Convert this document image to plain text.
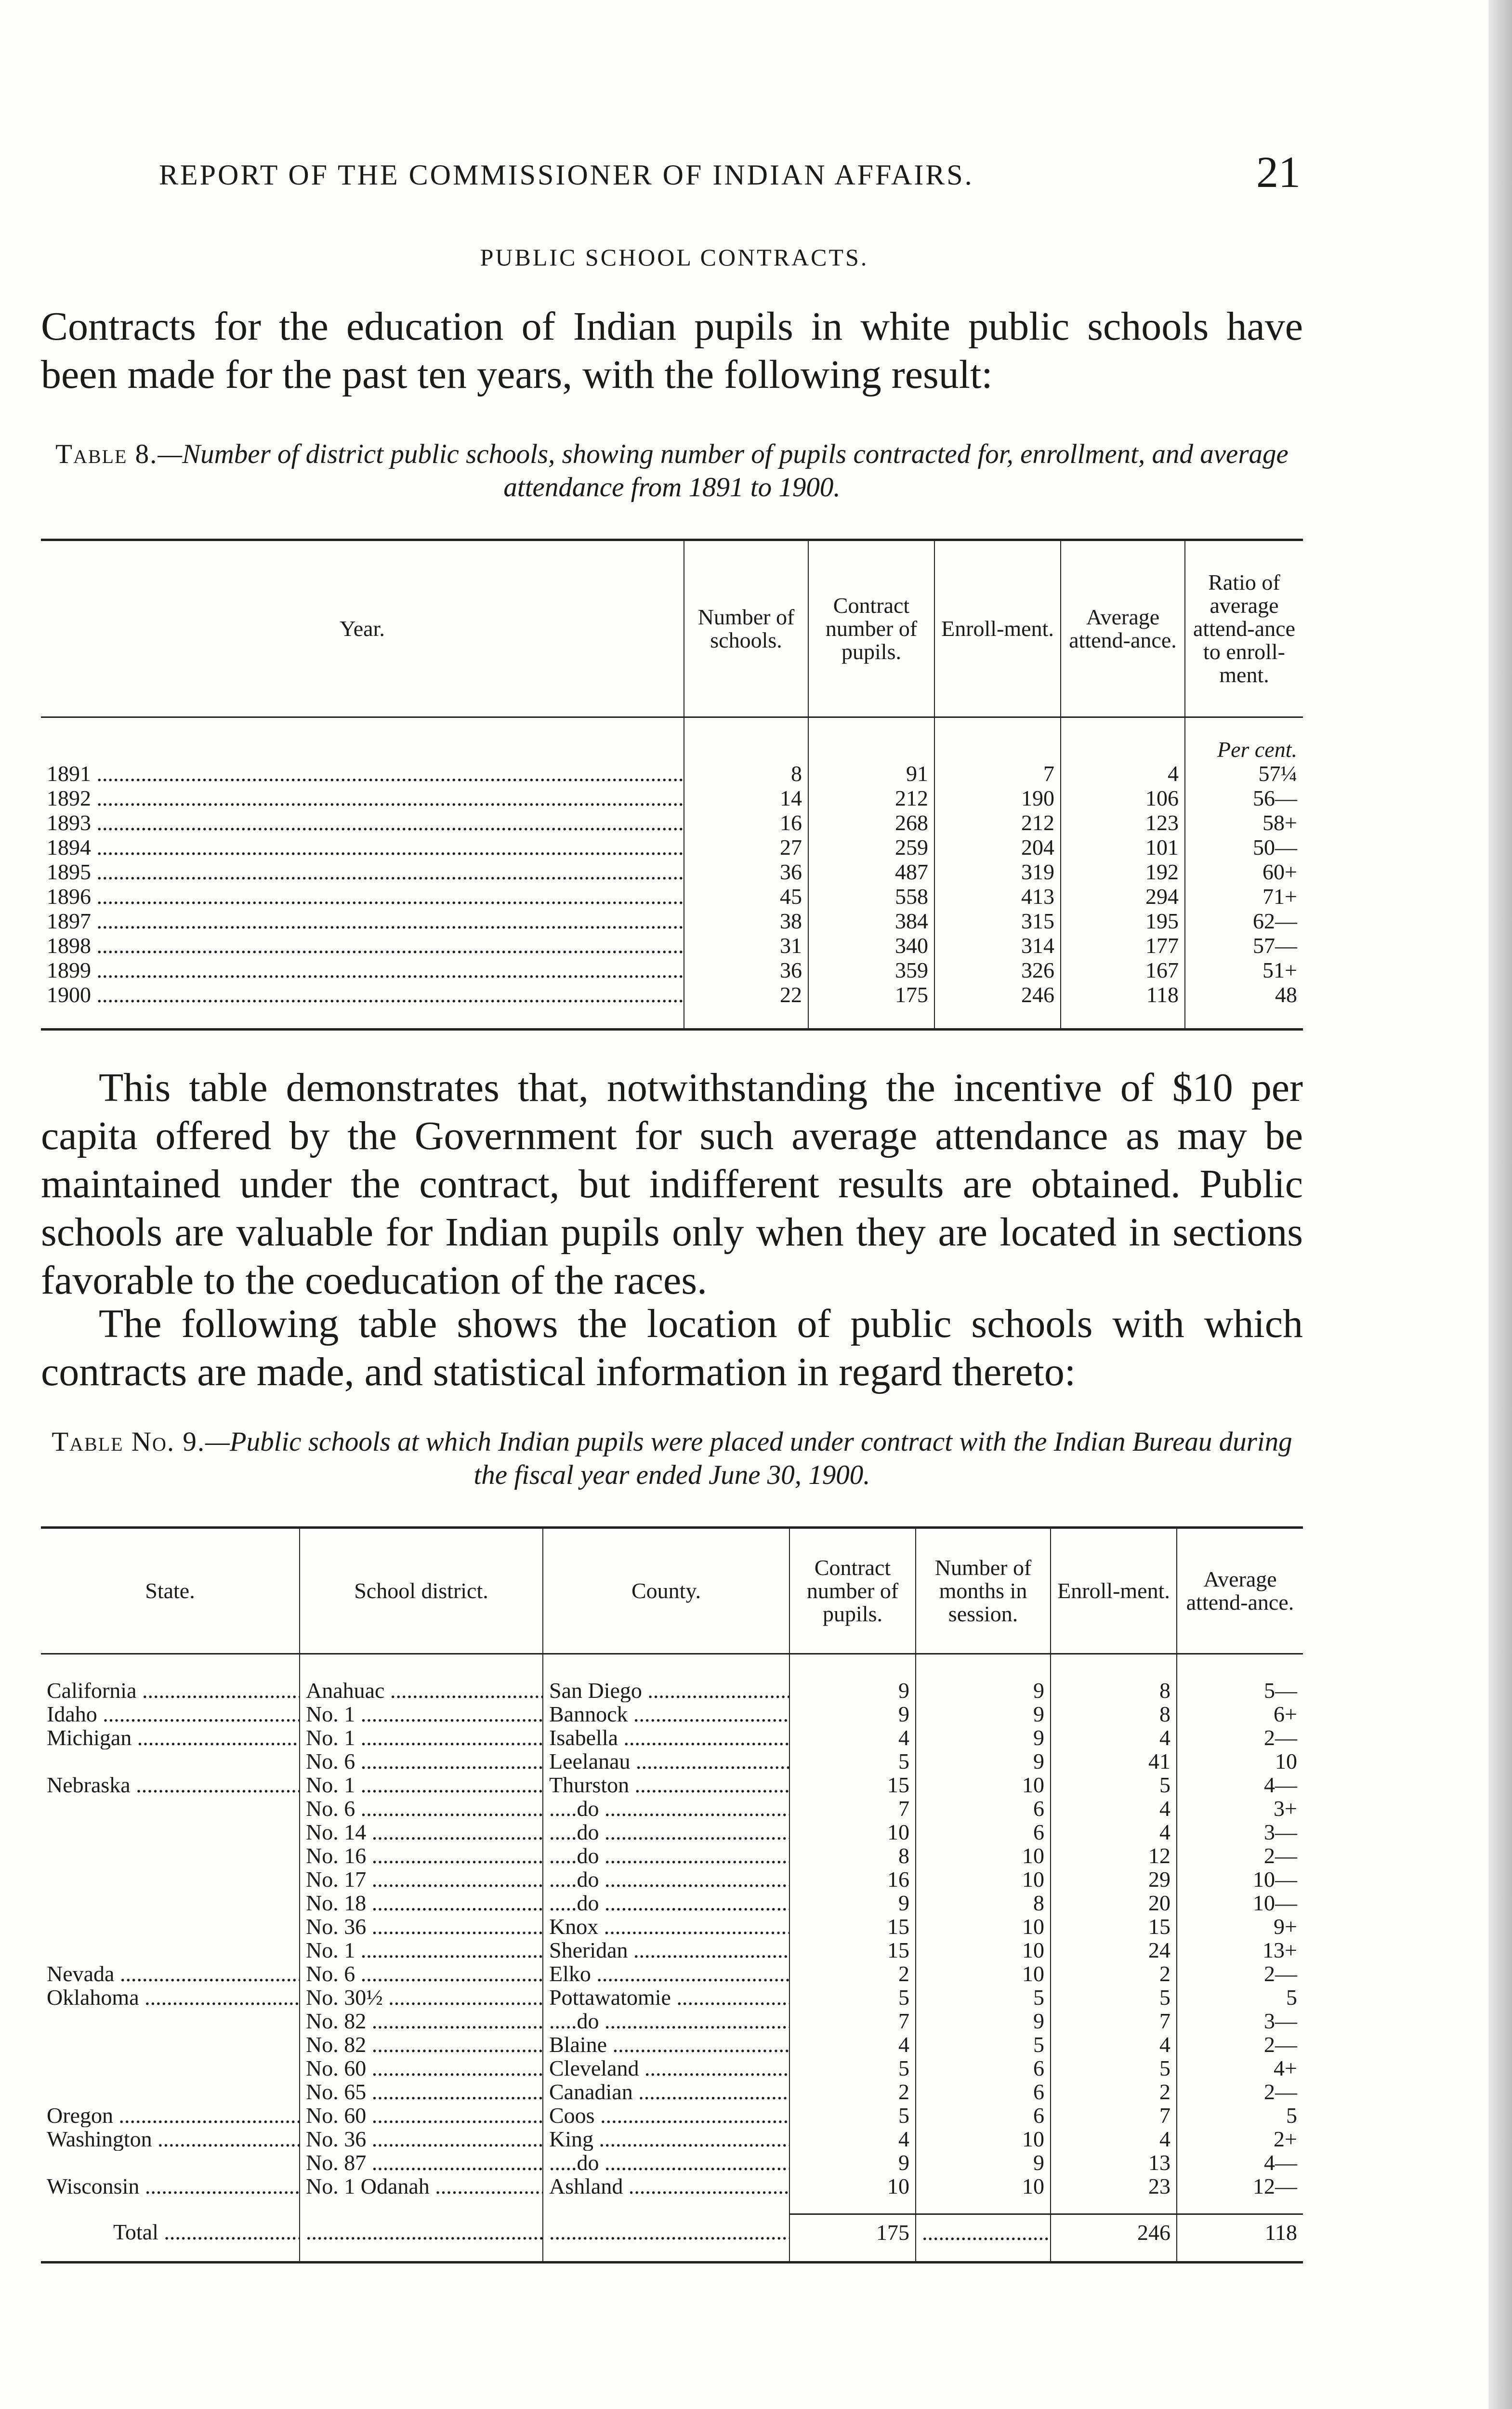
REPORT OF THE COMMISSIONER OF INDIAN AFFAIRS.	21
PUBLIC SCHOOL CONTRACTS.

Contracts for the education of Indian pupils in white public schools have been made for the past ten years, with the following result:

Table 8.—Number of district public schools, showing number of pupils contracted for, enrollment, and average attendance from 1891 to 1900.
Year.	Number of schools.	Contract number of pupils.	Enroll-ment.	Average attend-ance.	Ratio of average attend-ance to enroll-ment.

					Per cent.
1891 .....	8	91	7	4	57¼
1892 .....	14	212	190	106	56—
1893 .....	16	268	212	123	58+
1894 .....	27	259	204	101	50—
1895 .....	36	487	319	192	60+
1896 .....	45	558	413	294	71+
1897 .....	38	384	315	195	62—
1898 .....	31	340	314	177	57—
1899 .....	36	359	326	167	51+
1900 .....	22	175	246	118	48

This table demonstrates that, notwithstanding the incentive of $10 per capita offered by the Government for such average attendance as may be maintained under the contract, but indifferent results are obtained. Public schools are valuable for Indian pupils only when they are located in sections favorable to the coeducation of the races.

The following table shows the location of public schools with which contracts are made, and statistical information in regard thereto:

Table No. 9.—Public schools at which Indian pupils were placed under contract with the Indian Bureau during the fiscal year ended June 30, 1900.
State.	School district.	County.	Contract number of pupils.	Number of months in session.	Enroll-ment.	Average attend-ance.

California .....	Anahuac .....	San Diego .....	9	9	8	5—
Idaho .....	No. 1 .....	Bannock .....	9	9	8	6+
Michigan .....	No. 1 .....	Isabella .....	4	9	4	2—
	No. 6 .....	Leelanau .....	5	9	41	10
Nebraska .....	No. 1 .....	Thurston .....	15	10	5	4—
	No. 6 .....	.....do .....	7	6	4	3+
	No. 14 .....	.....do .....	10	6	4	3—
	No. 16 .....	.....do .....	8	10	12	2—
	No. 17 .....	.....do .....	16	10	29	10—
	No. 18 .....	.....do .....	9	8	20	10—
	No. 36 .....	Knox .....	15	10	15	9+
	No. 1 .....	Sheridan .....	15	10	24	13+
Nevada .....	No. 6 .....	Elko .....	2	10	2	2—
Oklahoma .....	No. 30½ .....	Pottawatomie .....	5	5	5	5
	No. 82 .....	.....do .....	7	9	7	3—
	No. 82 .....	Blaine .....	4	5	4	2—
	No. 60 .....	Cleveland .....	5	6	5	4+
	No. 65 .....	Canadian .....	2	6	2	2—
Oregon .....	No. 60 .....	Coos .....	5	6	7	5
Washington .....	No. 36 .....	King .....	4	10	4	2+
	No. 87 .....	.....do .....	9	9	13	4—
Wisconsin .....	No. 1 Odanah .....	Ashland .....	10	10	23	12—

Total .....	.....	.....	175	.....	246	118
